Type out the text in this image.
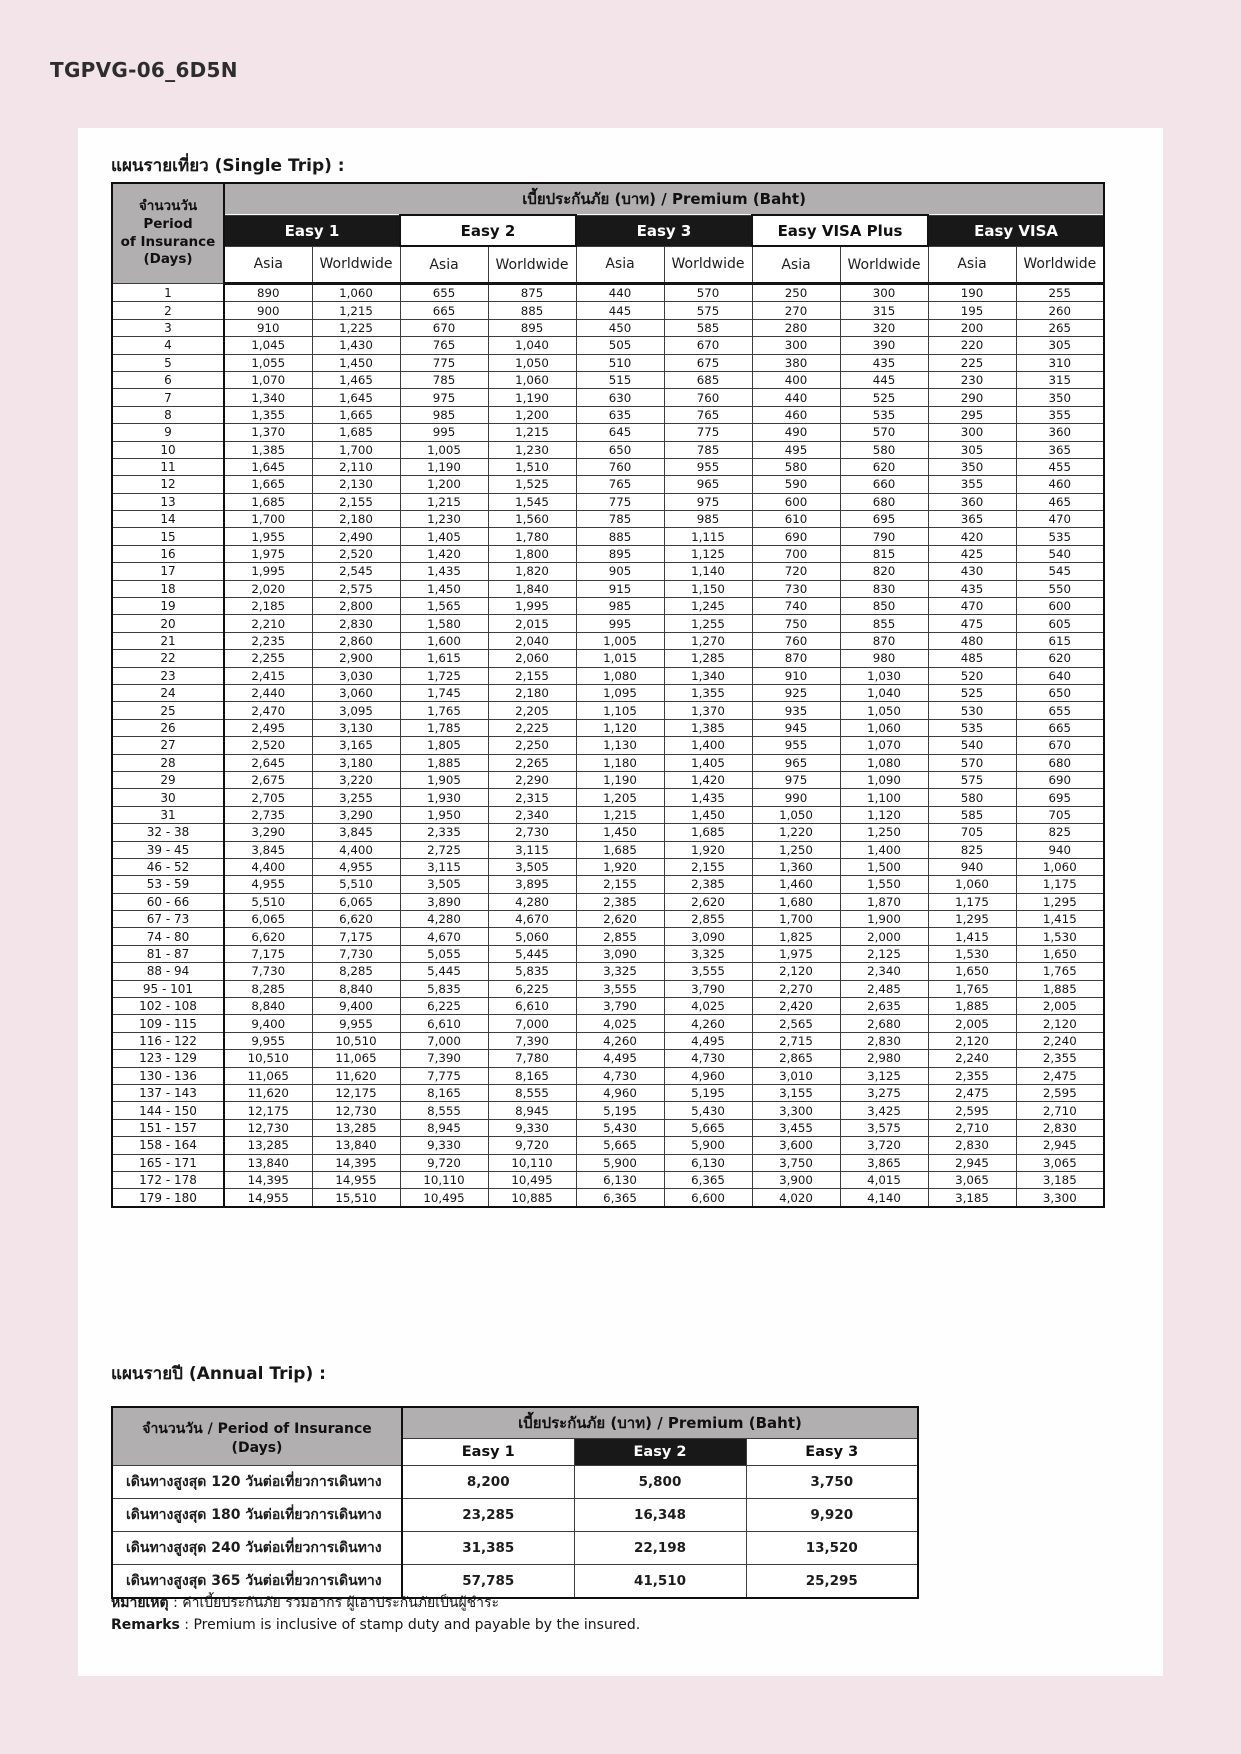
TGPVG-06_6D5N
แผนรายเที่ยว (Single Trip) :
จำนวนวัน
Period
of Insurance
(Days)	เบี้ยประกันภัย (บาท) / Premium (Baht)									
	Easy 1		Easy 2		Easy 3		Easy VISA Plus		Easy VISA	
	Asia	Worldwide	Asia	Worldwide	Asia	Worldwide	Asia	Worldwide	Asia	Worldwide
1	890	1,060	655	875	440	570	250	300	190	255
2	900	1,215	665	885	445	575	270	315	195	260
3	910	1,225	670	895	450	585	280	320	200	265
4	1,045	1,430	765	1,040	505	670	300	390	220	305
5	1,055	1,450	775	1,050	510	675	380	435	225	310
6	1,070	1,465	785	1,060	515	685	400	445	230	315
7	1,340	1,645	975	1,190	630	760	440	525	290	350
8	1,355	1,665	985	1,200	635	765	460	535	295	355
9	1,370	1,685	995	1,215	645	775	490	570	300	360
10	1,385	1,700	1,005	1,230	650	785	495	580	305	365
11	1,645	2,110	1,190	1,510	760	955	580	620	350	455
12	1,665	2,130	1,200	1,525	765	965	590	660	355	460
13	1,685	2,155	1,215	1,545	775	975	600	680	360	465
14	1,700	2,180	1,230	1,560	785	985	610	695	365	470
15	1,955	2,490	1,405	1,780	885	1,115	690	790	420	535
16	1,975	2,520	1,420	1,800	895	1,125	700	815	425	540
17	1,995	2,545	1,435	1,820	905	1,140	720	820	430	545
18	2,020	2,575	1,450	1,840	915	1,150	730	830	435	550
19	2,185	2,800	1,565	1,995	985	1,245	740	850	470	600
20	2,210	2,830	1,580	2,015	995	1,255	750	855	475	605
21	2,235	2,860	1,600	2,040	1,005	1,270	760	870	480	615
22	2,255	2,900	1,615	2,060	1,015	1,285	870	980	485	620
23	2,415	3,030	1,725	2,155	1,080	1,340	910	1,030	520	640
24	2,440	3,060	1,745	2,180	1,095	1,355	925	1,040	525	650
25	2,470	3,095	1,765	2,205	1,105	1,370	935	1,050	530	655
26	2,495	3,130	1,785	2,225	1,120	1,385	945	1,060	535	665
27	2,520	3,165	1,805	2,250	1,130	1,400	955	1,070	540	670
28	2,645	3,180	1,885	2,265	1,180	1,405	965	1,080	570	680
29	2,675	3,220	1,905	2,290	1,190	1,420	975	1,090	575	690
30	2,705	3,255	1,930	2,315	1,205	1,435	990	1,100	580	695
31	2,735	3,290	1,950	2,340	1,215	1,450	1,050	1,120	585	705
32 - 38	3,290	3,845	2,335	2,730	1,450	1,685	1,220	1,250	705	825
39 - 45	3,845	4,400	2,725	3,115	1,685	1,920	1,250	1,400	825	940
46 - 52	4,400	4,955	3,115	3,505	1,920	2,155	1,360	1,500	940	1,060
53 - 59	4,955	5,510	3,505	3,895	2,155	2,385	1,460	1,550	1,060	1,175
60 - 66	5,510	6,065	3,890	4,280	2,385	2,620	1,680	1,870	1,175	1,295
67 - 73	6,065	6,620	4,280	4,670	2,620	2,855	1,700	1,900	1,295	1,415
74 - 80	6,620	7,175	4,670	5,060	2,855	3,090	1,825	2,000	1,415	1,530
81 - 87	7,175	7,730	5,055	5,445	3,090	3,325	1,975	2,125	1,530	1,650
88 - 94	7,730	8,285	5,445	5,835	3,325	3,555	2,120	2,340	1,650	1,765
95 - 101	8,285	8,840	5,835	6,225	3,555	3,790	2,270	2,485	1,765	1,885
102 - 108	8,840	9,400	6,225	6,610	3,790	4,025	2,420	2,635	1,885	2,005
109 - 115	9,400	9,955	6,610	7,000	4,025	4,260	2,565	2,680	2,005	2,120
116 - 122	9,955	10,510	7,000	7,390	4,260	4,495	2,715	2,830	2,120	2,240
123 - 129	10,510	11,065	7,390	7,780	4,495	4,730	2,865	2,980	2,240	2,355
130 - 136	11,065	11,620	7,775	8,165	4,730	4,960	3,010	3,125	2,355	2,475
137 - 143	11,620	12,175	8,165	8,555	4,960	5,195	3,155	3,275	2,475	2,595
144 - 150	12,175	12,730	8,555	8,945	5,195	5,430	3,300	3,425	2,595	2,710
151 - 157	12,730	13,285	8,945	9,330	5,430	5,665	3,455	3,575	2,710	2,830
158 - 164	13,285	13,840	9,330	9,720	5,665	5,900	3,600	3,720	2,830	2,945
165 - 171	13,840	14,395	9,720	10,110	5,900	6,130	3,750	3,865	2,945	3,065
172 - 178	14,395	14,955	10,110	10,495	6,130	6,365	3,900	4,015	3,065	3,185
179 - 180	14,955	15,510	10,495	10,885	6,365	6,600	4,020	4,140	3,185	3,300
แผนรายปี (Annual Trip) :
จำนวนวัน / Period of Insurance (Days)	เบี้ยประกันภัย (บาท) / Premium (Baht)		
	Easy 1	Easy 2	Easy 3
เดินทางสูงสุด 120 วันต่อเที่ยวการเดินทาง	8,200	5,800	3,750
เดินทางสูงสุด 180 วันต่อเที่ยวการเดินทาง	23,285	16,348	9,920
เดินทางสูงสุด 240 วันต่อเที่ยวการเดินทาง	31,385	22,198	13,520
เดินทางสูงสุด 365 วันต่อเที่ยวการเดินทาง	57,785	41,510	25,295
หมายเหตุ : ค่าเบี้ยประกันภัย รวมอากร ผู้เอาประกันภัยเป็นผู้ชำระ
Remarks : Premium is inclusive of stamp duty and payable by the insured.
